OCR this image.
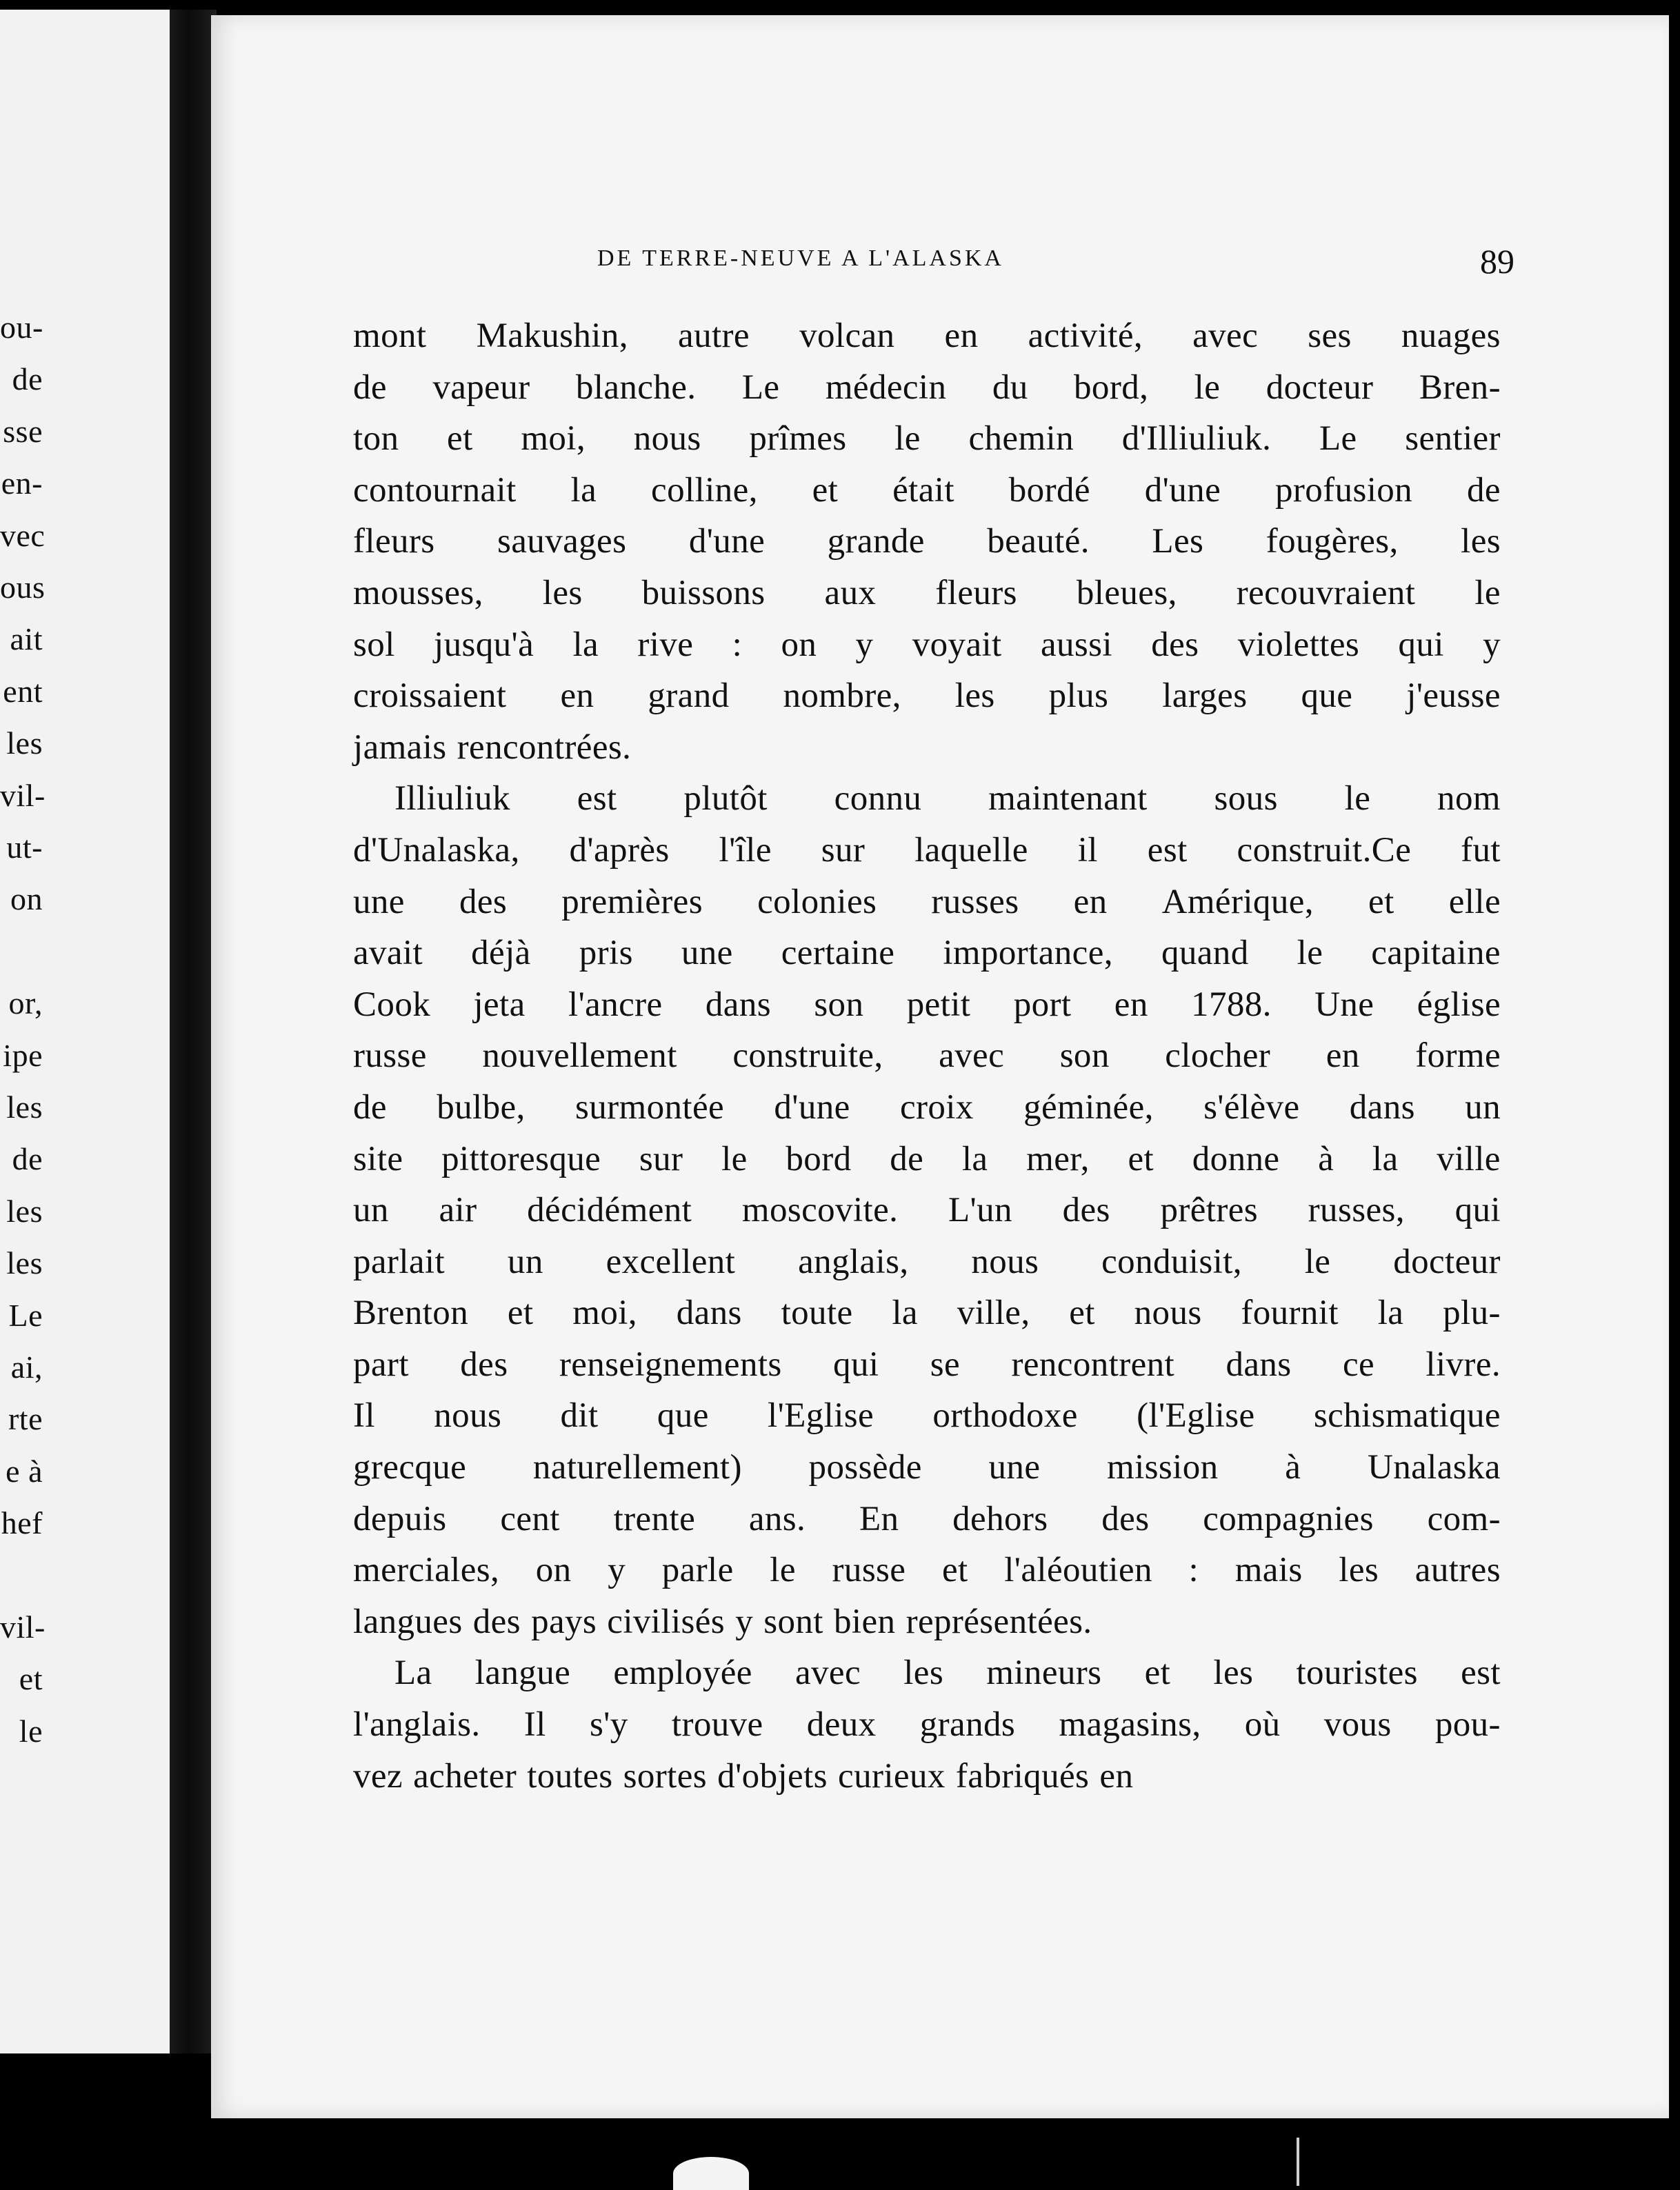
ou-
de
sse
en-
vec
ous
ait
ent
les
vil-
ut-
on
or,
ipe
les
de
les
les
Le
ai,
rte
e à
hef
vil-
et
le
DE TERRE-NEUVE A L'ALASKA	89
mont Makushin, autre volcan en activité, avec ses nuages
de vapeur blanche. Le médecin du bord, le docteur Bren-
ton et moi, nous prîmes le chemin d'Illiuliuk. Le sentier
contournait la colline, et était bordé d'une profusion de
fleurs sauvages d'une grande beauté. Les fougères, les
mousses, les buissons aux fleurs bleues, recouvraient le
sol jusqu'à la rive : on y voyait aussi des violettes qui y
croissaient en grand nombre, les plus larges que j'eusse
jamais rencontrées.
Illiuliuk est plutôt connu maintenant sous le nom
d'Unalaska, d'après l'île sur laquelle il est construit.Ce fut
une des premières colonies russes en Amérique, et elle
avait déjà pris une certaine importance, quand le capitaine
Cook jeta l'ancre dans son petit port en 1788. Une église
russe nouvellement construite, avec son clocher en forme
de bulbe, surmontée d'une croix géminée, s'élève dans un
site pittoresque sur le bord de la mer, et donne à la ville
un air décidément moscovite. L'un des prêtres russes, qui
parlait un excellent anglais, nous conduisit, le docteur
Brenton et moi, dans toute la ville, et nous fournit la plu-
part des renseignements qui se rencontrent dans ce livre.
Il nous dit que l'Eglise orthodoxe (l'Eglise schismatique
grecque naturellement) possède une mission à Unalaska
depuis cent trente ans. En dehors des compagnies com-
merciales, on y parle le russe et l'aléoutien : mais les autres
langues des pays civilisés y sont bien représentées.
La langue employée avec les mineurs et les touristes est
l'anglais. Il s'y trouve deux grands magasins, où vous pou-
vez acheter toutes sortes d'objets curieux fabriqués en
